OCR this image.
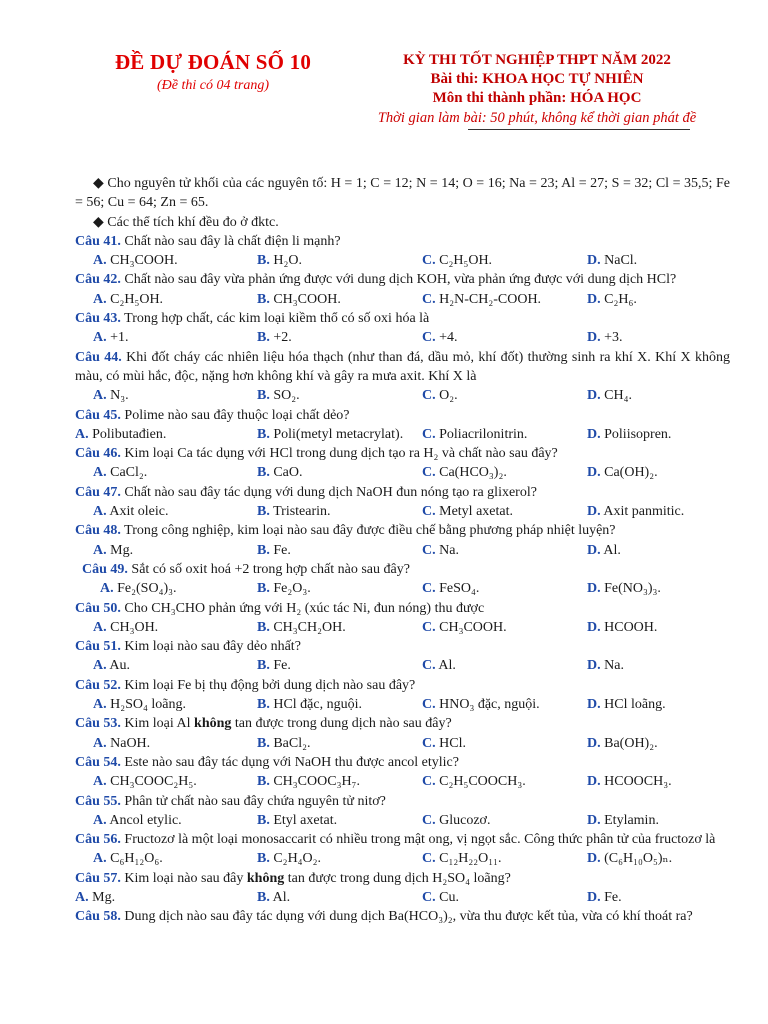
ĐỀ DỰ ĐOÁN SỐ 10
(Đề thi có 04 trang)
KỲ THI TỐT NGHIỆP THPT NĂM 2022
Bài thi: KHOA HỌC TỰ NHIÊN
Môn thi thành phần: HÓA HỌC
Thời gian làm bài: 50 phút, không kể thời gian phát đề

◆ Cho nguyên tử khối của các nguyên tố: H = 1; C = 12; N = 14; O = 16; Na = 23; Al = 27; S = 32; Cl = 35,5; Fe = 56; Cu = 64; Zn = 65.

◆ Các thể tích khí đều đo ở đktc.

Câu 41. Chất nào sau đây là chất điện li mạnh?

A. CH₃COOH.	B. H₂O.	C. C₂H₅OH.	D. NaCl.

Câu 42. Chất nào sau đây vừa phản ứng được với dung dịch KOH, vừa phản ứng được với dung dịch HCl?

A. C₂H₅OH.	B. CH₃COOH.	C. H₂N-CH₂-COOH.	D. C₂H₆.

Câu 43. Trong hợp chất, các kim loại kiềm thổ có số oxi hóa là

A. +1.	B. +2.	C. +4.	D. +3.

Câu 44. Khi đốt cháy các nhiên liệu hóa thạch (như than đá, dầu mỏ, khí đốt) thường sinh ra khí X. Khí X không màu, có mùi hắc, độc, nặng hơn không khí và gây ra mưa axit. Khí X là

A. N₃.	B. SO₂.	C. O₂.	D. CH₄.

Câu 45. Polime nào sau đây thuộc loại chất dẻo?

A. Polibutađien.	B. Poli(metyl metacrylat).	C. Poliacrilonitrin.	D. Poliisopren.

Câu 46. Kim loại Ca tác dụng với HCl trong dung dịch tạo ra H₂ và chất nào sau đây?

A. CaCl₂.	B. CaO.	C. Ca(HCO₃)₂.	D. Ca(OH)₂.

Câu 47. Chất nào sau đây tác dụng với dung dịch NaOH đun nóng tạo ra glixerol?

A. Axit oleic.	B. Tristearin.	C. Metyl axetat.	D. Axit panmitic.

Câu 48. Trong công nghiệp, kim loại nào sau đây được điều chế bằng phương pháp nhiệt luyện?

A. Mg.	B. Fe.	C. Na.	D. Al.

Câu 49. Sắt có số oxit hoá +2 trong hợp chất nào sau đây?

A. Fe₂(SO₄)₃.	B. Fe₂O₃.	C. FeSO₄.	D. Fe(NO₃)₃.

Câu 50. Cho CH₃CHO phản ứng với H₂ (xúc tác Ni, đun nóng) thu được

A. CH₃OH.	B. CH₃CH₂OH.	C. CH₃COOH.	D. HCOOH.

Câu 51. Kim loại nào sau đây dẻo nhất?

A. Au.	B. Fe.	C. Al.	D. Na.

Câu 52. Kim loại Fe bị thụ động bởi dung dịch nào sau đây?

A. H₂SO₄ loãng.	B. HCl đặc, nguội.	C. HNO₃ đặc, nguội.	D. HCl loãng.

Câu 53. Kim loại Al không tan được trong dung dịch nào sau đây?

A. NaOH.	B. BaCl₂.	C. HCl.	D. Ba(OH)₂.

Câu 54. Este nào sau đây tác dụng với NaOH thu được ancol etylic?

A. CH₃COOC₂H₅.	B. CH₃COOC₃H₇.	C. C₂H₅COOCH₃.	D. HCOOCH₃.

Câu 55. Phân tử chất nào sau đây chứa nguyên tử nitơ?

A. Ancol etylic.	B. Etyl axetat.	C. Glucozơ.	D. Etylamin.

Câu 56. Fructozơ là một loại monosaccarit có nhiều trong mật ong, vị ngọt sắc. Công thức phân tử của fructozơ là

A. C₆H₁₂O₆.	B. C₂H₄O₂.	C. C₁₂H₂₂O₁₁.	D. (C₆H₁₀O₅)ₙ.

Câu 57. Kim loại nào sau đây không tan được trong dung dịch H₂SO₄ loãng?

A. Mg.	B. Al.	C. Cu.	D. Fe.

Câu 58. Dung dịch nào sau đây tác dụng với dung dịch Ba(HCO₃)₂, vừa thu được kết tủa, vừa có khí thoát ra?
